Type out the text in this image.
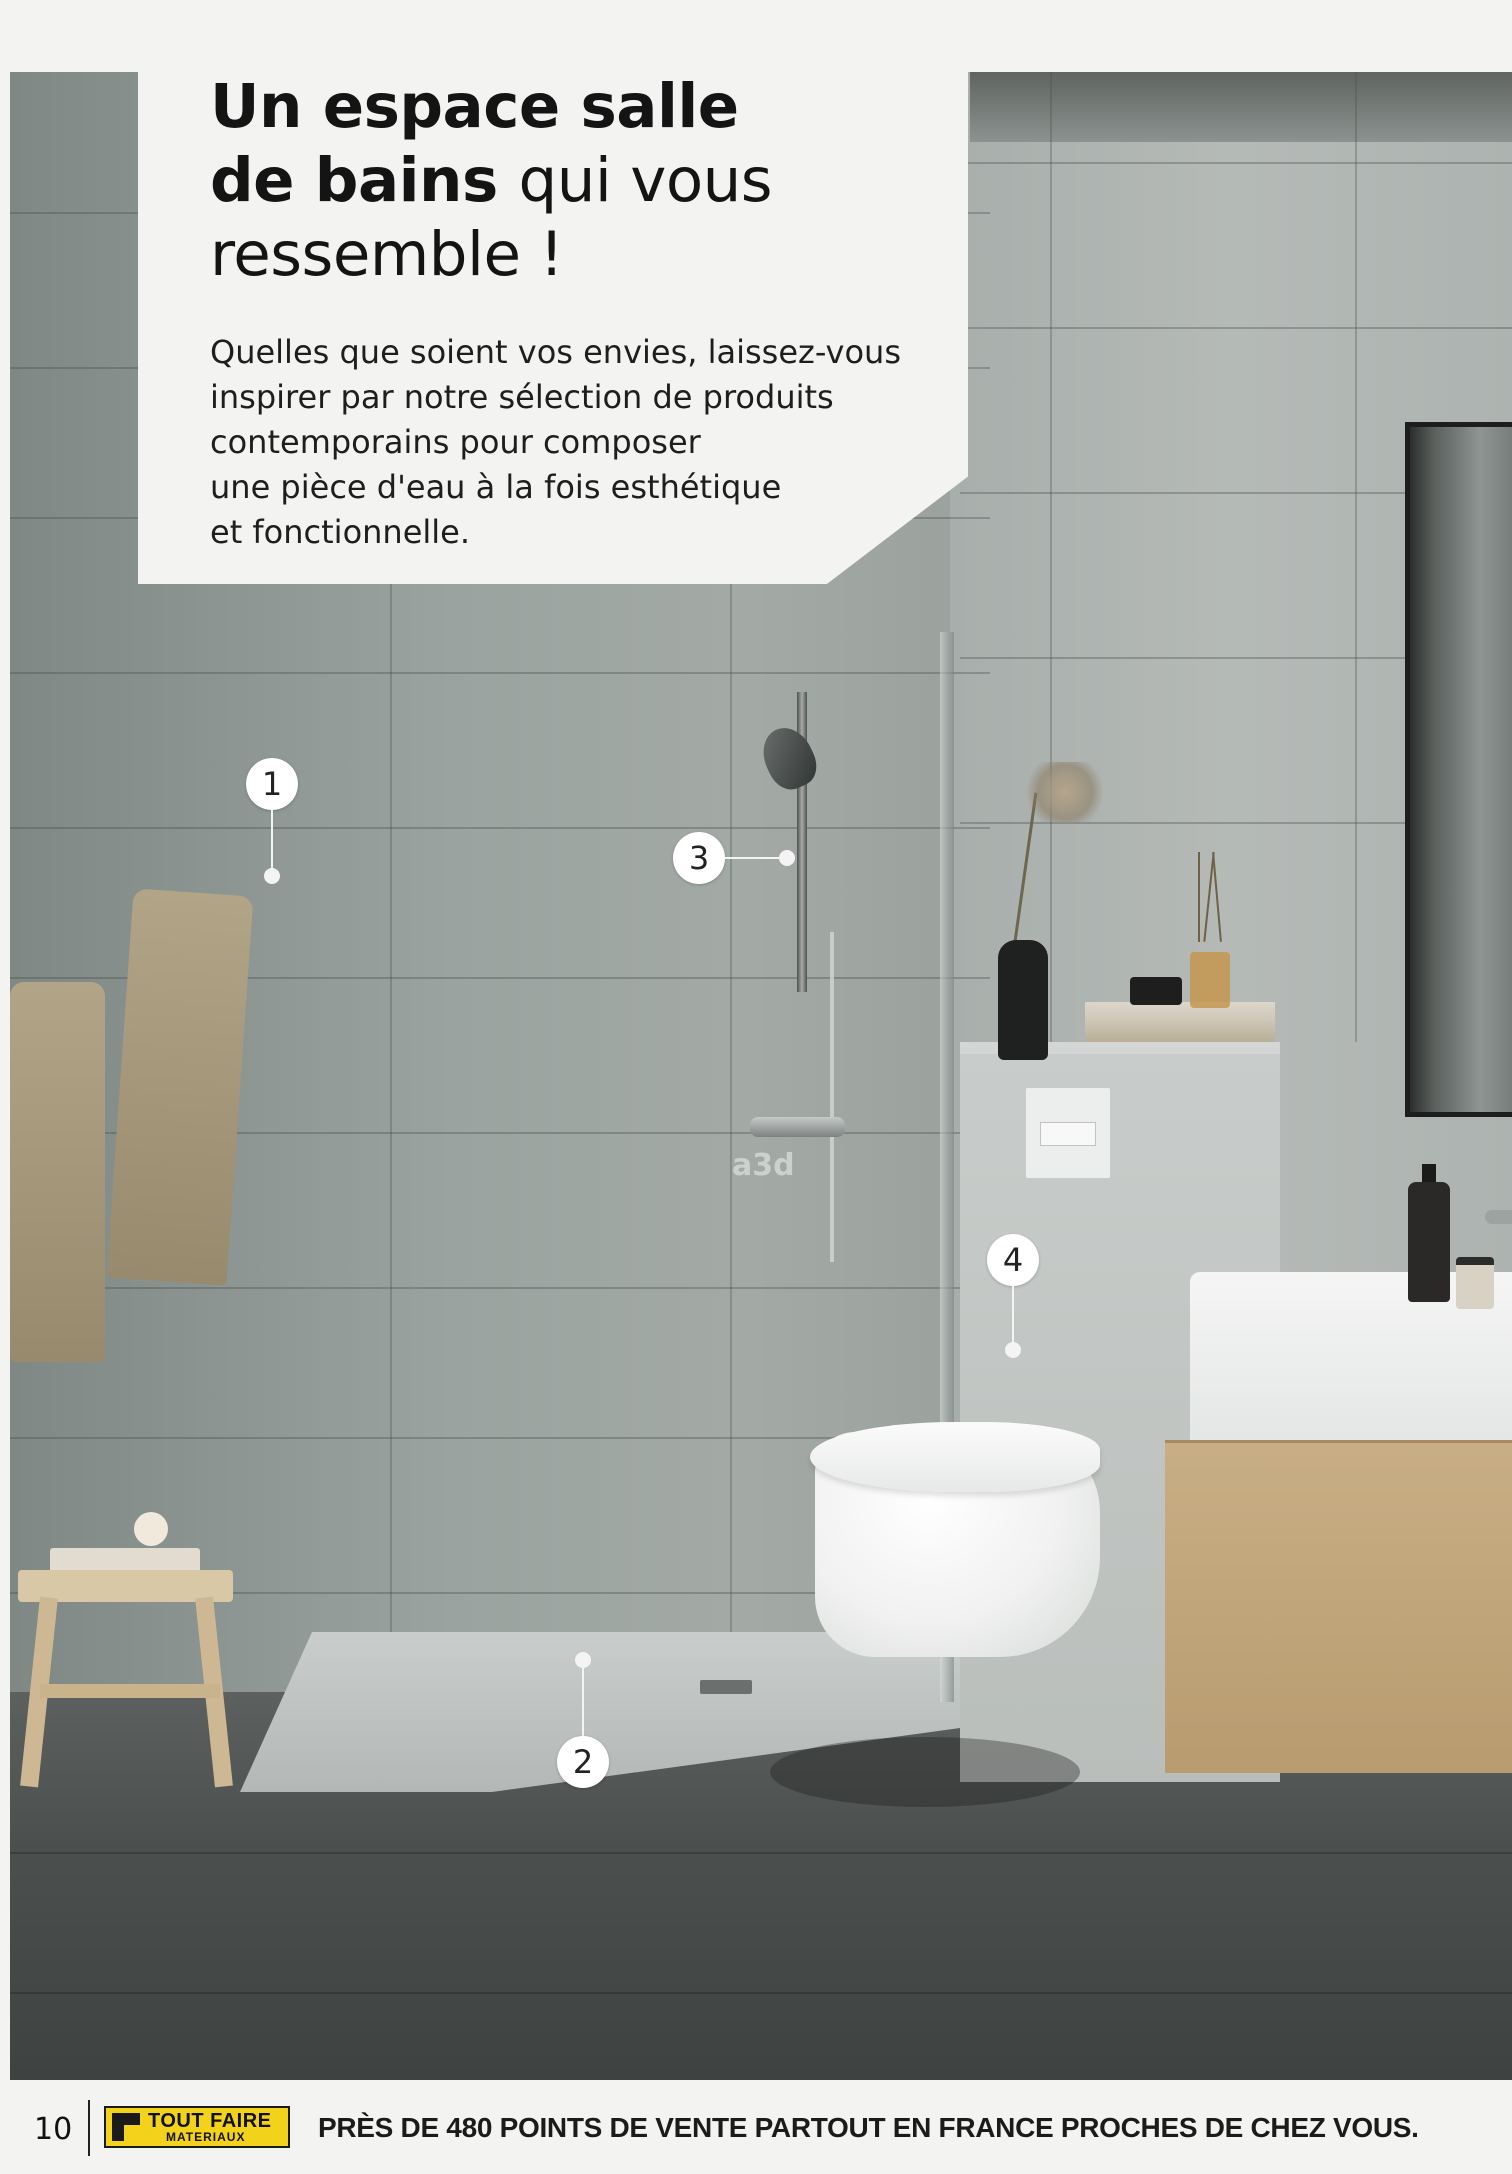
a3d
Un espace salle
de bains qui vous
ressemble !

Quelles que soient vos envies, laissez-vous
inspirer par notre sélection de produits
contemporains pour composer
une pièce d'eau à la fois esthétique
et fonctionnelle.

1
3
4
2
10	TOUT FAIRE
MATERIAUX	PRÈS DE 480 POINTS DE VENTE PARTOUT EN FRANCE PROCHES DE CHEZ VOUS.
